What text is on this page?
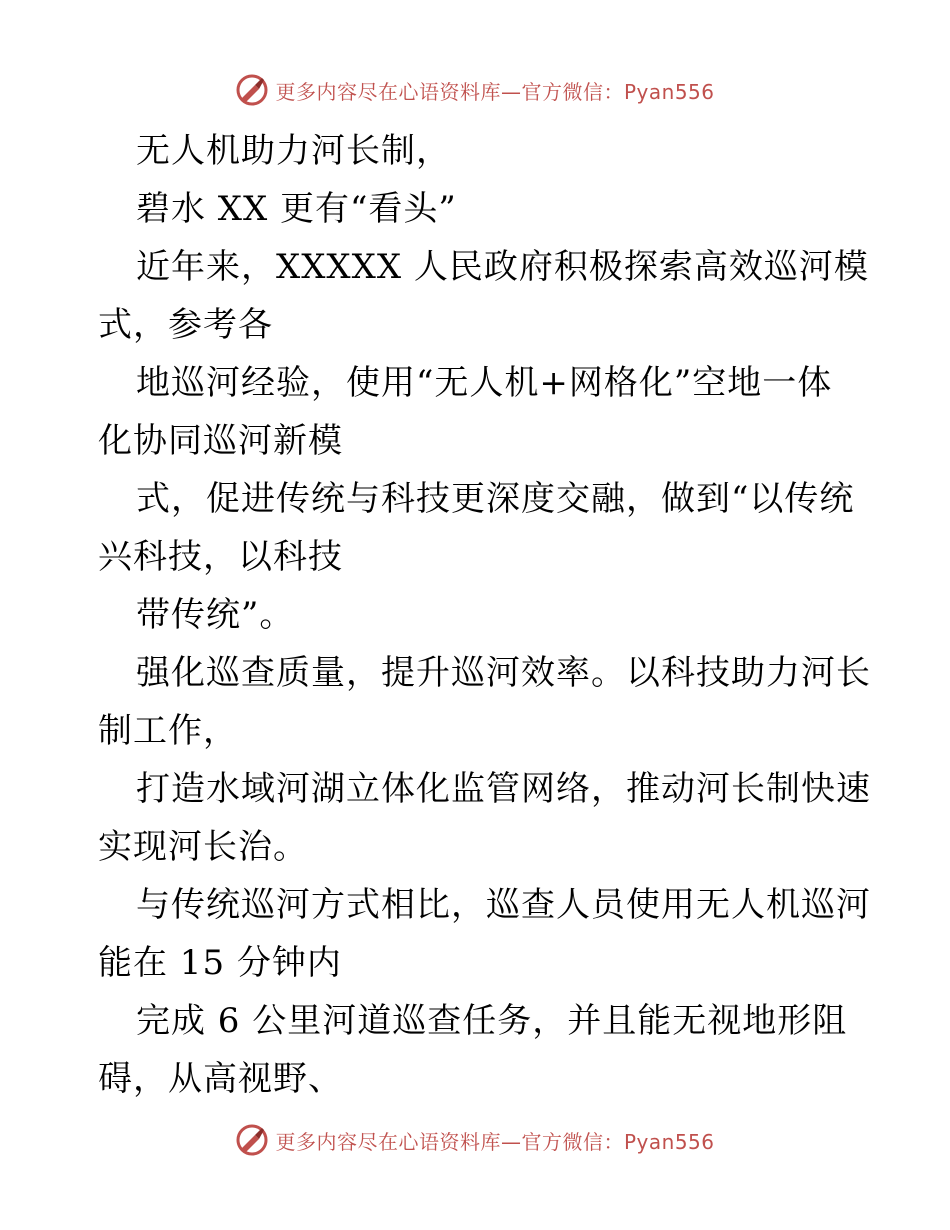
更多内容尽在心语资料库—官方微信：Pyan556
无人机助力河长制，
碧水 XX 更有“看头”
近年来，XXXXX 人民政府积极探索高效巡河模
式，参考各
地巡河经验，使用“无人机+网格化”空地一体
化协同巡河新模
式，促进传统与科技更深度交融，做到“以传统
兴科技，以科技
带传统”。
强化巡查质量，提升巡河效率。以科技助力河长
制工作，
打造水域河湖立体化监管网络，推动河长制快速
实现河长治。
与传统巡河方式相比，巡查人员使用无人机巡河
能在 15 分钟内
完成 6 公里河道巡查任务，并且能无视地形阻
碍，从高视野、
更多内容尽在心语资料库—官方微信：Pyan556
